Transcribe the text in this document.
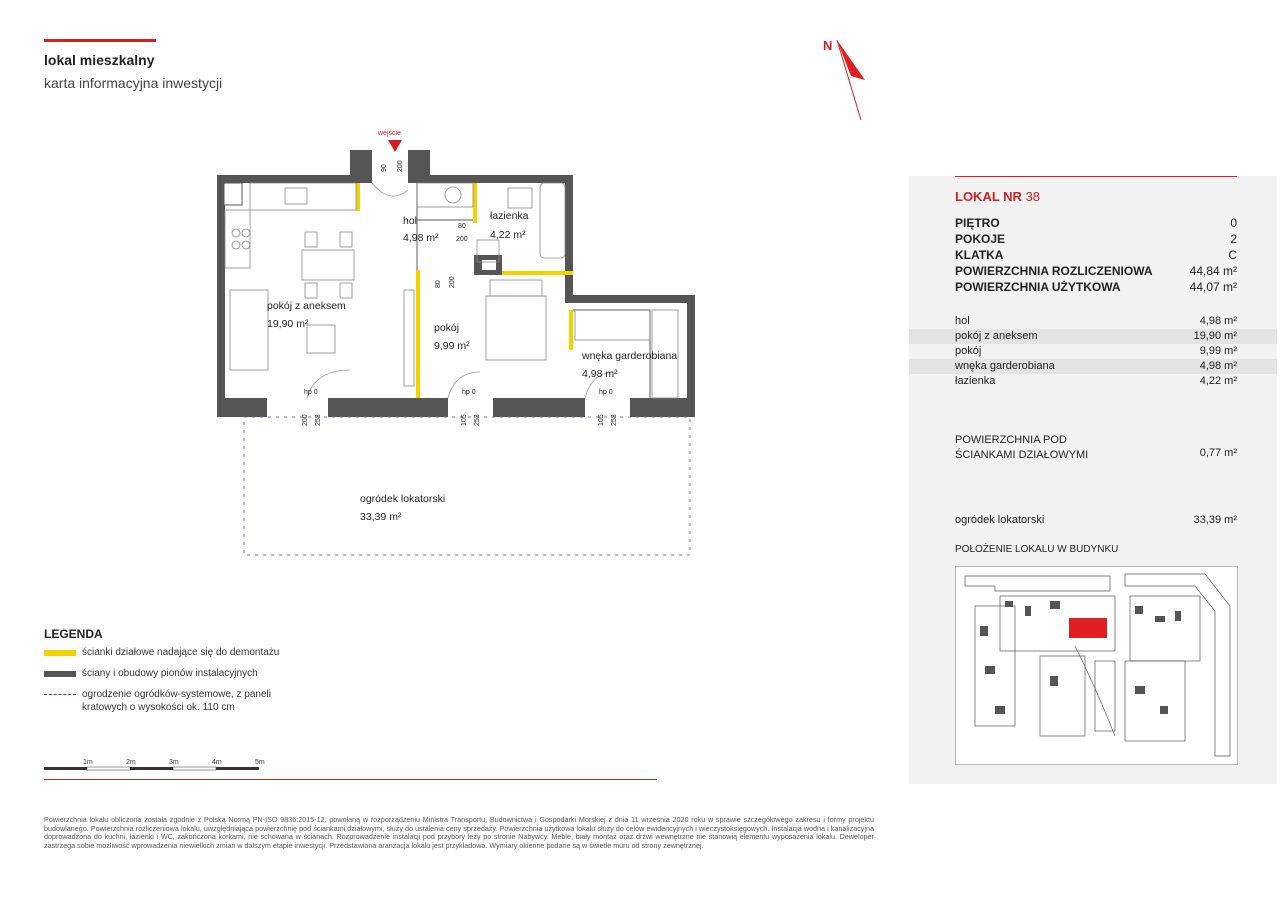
lokal mieszkalny
karta informacyjna inwestycji
N
wejście
90 200
80
200
80 200
hp 0	hp 0	hp 0
200 253	105 253	105 253
hol
4,98 m²
łazienka
4,22 m²
pokój z aneksem
19,90 m²	pokój
9,99 m²
wnęka garderobiana
4,98 m²
ogródek lokatorski
33,39 m²
LOKAL NR 38
PIĘTRO	0
POKOJE	2
KLATKA	C
POWIERZCHNIA ROZLICZENIOWA	44,84 m²
POWIERZCHNIA UŻYTKOWA	44,07 m²
hol	4,98 m²
pokój z aneksem	19,90 m²
pokój	9,99 m²
wnęka garderobiana	4,98 m²
łazienka	4,22 m²
POWIERZCHNIA POD ŚCIANKAMI DZIAŁOWYMI	0,77 m²
ogródek lokatorski	33,39 m²
POŁOŻENIE LOKALU W BUDYNKU
LEGENDA
ścianki działowe nadające się do demontażu
ściany i obudowy pionów instalacyjnych
ogrodzenie ogródków-systemowe, z paneli kratowych o wysokości ok. 110 cm
1m	2m	3m	4m	5m
Powierzchnia lokalu obliczona została zgodnie z Polską Normą PN-ISO 9836:2015-12, powołaną w rozporządzeniu Ministra Transportu, Budownictwa i Gospodarki Morskiej z dnia 11 września 2020 roku w sprawie szczegółowego zakresu i formy projektu budowlanego. Powierzchnia rozliczeniowa lokalu, uwzględniająca powierzchnię pod ściankami działowymi, służy do ustalenia ceny sprzedaży. Powierzchnia użytkowa lokalu służy do celów ewidencyjnych i wieczystoksięgowych. Instalacja wodna i kanalizacyjna doprowadzona do kuchni, łazienki i WC, zakończona korkami, nie schowana w ścianach. Rozprowadzenie instalacji pod przybory leży po stronie Nabywcy. Meble, biały montaż oraz drzwi wewnętrzne nie stanowią elementu wyposażenia lokalu. Deweloper zastrzega sobie możliwość wprowadzenia niewielkich zmian w dalszym etapie inwestycji. Przedstawiona aranżacja lokalu jest przykładowa. Wymiary okienne podane są w świetle muru od strony zewnętrznej.
